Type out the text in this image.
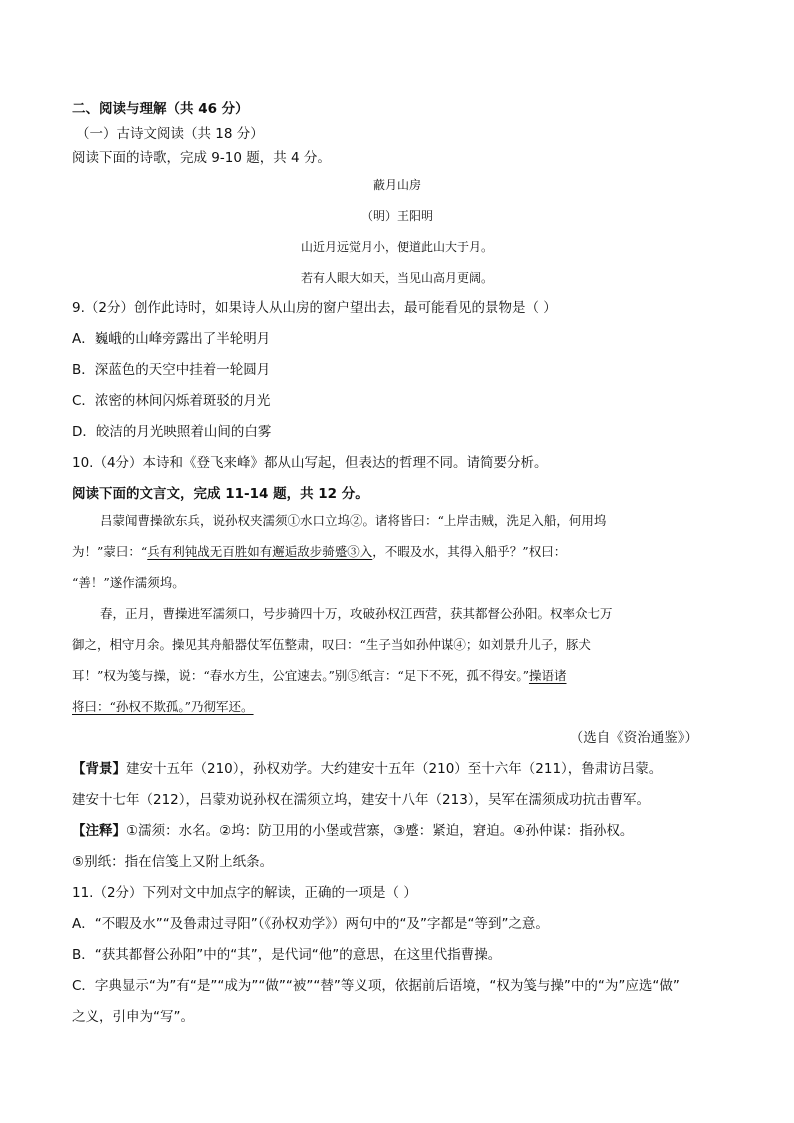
二、阅读与理解（共 46 分）
（一）古诗文阅读（共 18 分）
阅读下面的诗歌，完成 9-10 题，共 4 分。
蔽月山房
（明）王阳明
山近月远觉月小，便道此山大于月。
若有人眼大如天，当见山高月更阔。
9.（2分）创作此诗时，如果诗人从山房的窗户望出去，最可能看见的景物是（ ）
A．巍峨的山峰旁露出了半轮明月
B．深蓝色的天空中挂着一轮圆月
C．浓密的林间闪烁着斑驳的月光
D．皎洁的月光映照着山间的白雾
10.（4分）本诗和《登飞来峰》都从山写起，但表达的哲理不同。请简要分析。
阅读下面的文言文，完成 11-14 题，共 12 分。
吕蒙闻曹操欲东兵，说孙权夹濡须①水口立坞②。诸将皆曰：“上岸击贼，洗足入船，何用坞
为！”蒙曰：“兵有利钝战无百胜如有邂逅敌步骑蹙③入，不暇及水，其得入船乎？”权曰：
“善！”遂作濡须坞。
春，正月，曹操进军濡须口，号步骑四十万，攻破孙权江西营，获其都督公孙阳。权率众七万
御之，相守月余。操见其舟船器仗军伍整肃，叹曰：“生子当如孙仲谋④；如刘景升儿子，豚犬
耳！”权为笺与操，说：“春水方生，公宜速去。”别⑤纸言：“足下不死，孤不得安。”操语诸
将曰：“孙权不欺孤。”乃彻军还。
（选自《资治通鉴》）
【背景】建安十五年（210），孙权劝学。大约建安十五年（210）至十六年（211），鲁肃访吕蒙。
建安十七年（212），吕蒙劝说孙权在濡须立坞，建安十八年（213），吴军在濡须成功抗击曹军。
【注释】①濡须：水名。②坞：防卫用的小堡或营寨，③蹙：紧迫，窘迫。④孙仲谋：指孙权。
⑤别纸：指在信笺上又附上纸条。
11.（2分）下列对文中加点字的解读，正确的一项是（ ）
A．“不暇及水”“及鲁肃过寻阳”（《孙权劝学》）两句中的“及”字都是“等到”之意。
B．“获其都督公孙阳”中的“其”，是代词“他”的意思，在这里代指曹操。
C．字典显示“为”有“是”“成为”“做”“被”“替”等义项，依据前后语境，“权为笺与操”中的“为”应选“做”
之义，引申为“写”。
